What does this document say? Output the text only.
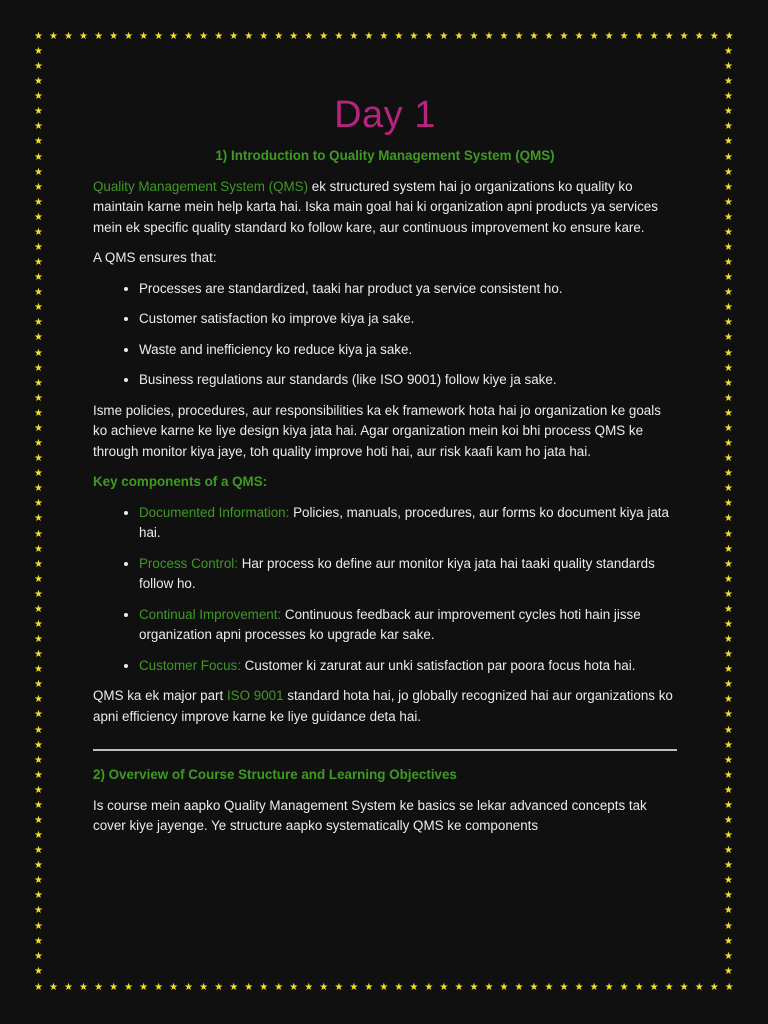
★ ★ ★ ★ ★ ★ ★ ★ ★ ★ ★ ★ ★ ★ ★ ★ ★ ★ ★ ★ ★ ★ ★ ★ ★ ★ ★ ★ ★ ★ ★ ★ ★ ★ ★ ★ ★ ★ ★ ★ ★ ★ ★ ★ ★ ★ ★
★ ★ ★ ★ ★ ★ ★ ★ ★ ★ ★ ★ ★ ★ ★ ★ ★ ★ ★ ★ ★ ★ ★ ★ ★ ★ ★ ★ ★ ★ ★ ★ ★ ★ ★ ★ ★ ★ ★ ★ ★ ★ ★ ★ ★ ★ ★
★
★
★
★
★
★
★
★
★
★
★
★
★
★
★
★
★
★
★
★
★
★
★
★
★
★
★
★
★
★
★
★
★
★
★
★
★
★
★
★
★
★
★
★
★
★
★
★
★
★
★
★
★
★
★
★
★
★
★
★
★
★
★
★
★
★
★
★
★
★
★
★
★
★
★
★
★
★
★
★
★
★
★
★
★
★
★
★
★
★
★
★
★
★
★
★
★
★
★
★
★
★
★
★
★
★
★
★
★
★
★
★
★
★
★
★
★
★
★
★
★
★
★
★
Day 1
1) Introduction to Quality Management System (QMS)

Quality Management System (QMS) ek structured system hai jo organizations ko quality ko maintain karne mein help karta hai. Iska main goal hai ki organization apni products ya services mein ek specific quality standard ko follow kare, aur continuous improvement ko ensure kare.

A QMS ensures that:

• Processes are standardized, taaki har product ya service consistent ho.
• Customer satisfaction ko improve kiya ja sake.
• Waste and inefficiency ko reduce kiya ja sake.
• Business regulations aur standards (like ISO 9001) follow kiye ja sake.

Isme policies, procedures, aur responsibilities ka ek framework hota hai jo organization ke goals ko achieve karne ke liye design kiya jata hai. Agar organization mein koi bhi process QMS ke through monitor kiya jaye, toh quality improve hoti hai, aur risk kaafi kam ho jata hai.

Key components of a QMS:
• Documented Information: Policies, manuals, procedures, aur forms ko document kiya jata hai.
• Process Control: Har process ko define aur monitor kiya jata hai taaki quality standards follow ho.
• Continual Improvement: Continuous feedback aur improvement cycles hoti hain jisse organization apni processes ko upgrade kar sake.
• Customer Focus: Customer ki zarurat aur unki satisfaction par poora focus hota hai.

QMS ka ek major part ISO 9001 standard hota hai, jo globally recognized hai aur organizations ko apni efficiency improve karne ke liye guidance deta hai.

2) Overview of Course Structure and Learning Objectives

Is course mein aapko Quality Management System ke basics se lekar advanced concepts tak cover kiye jayenge. Ye structure aapko systematically QMS ke components
